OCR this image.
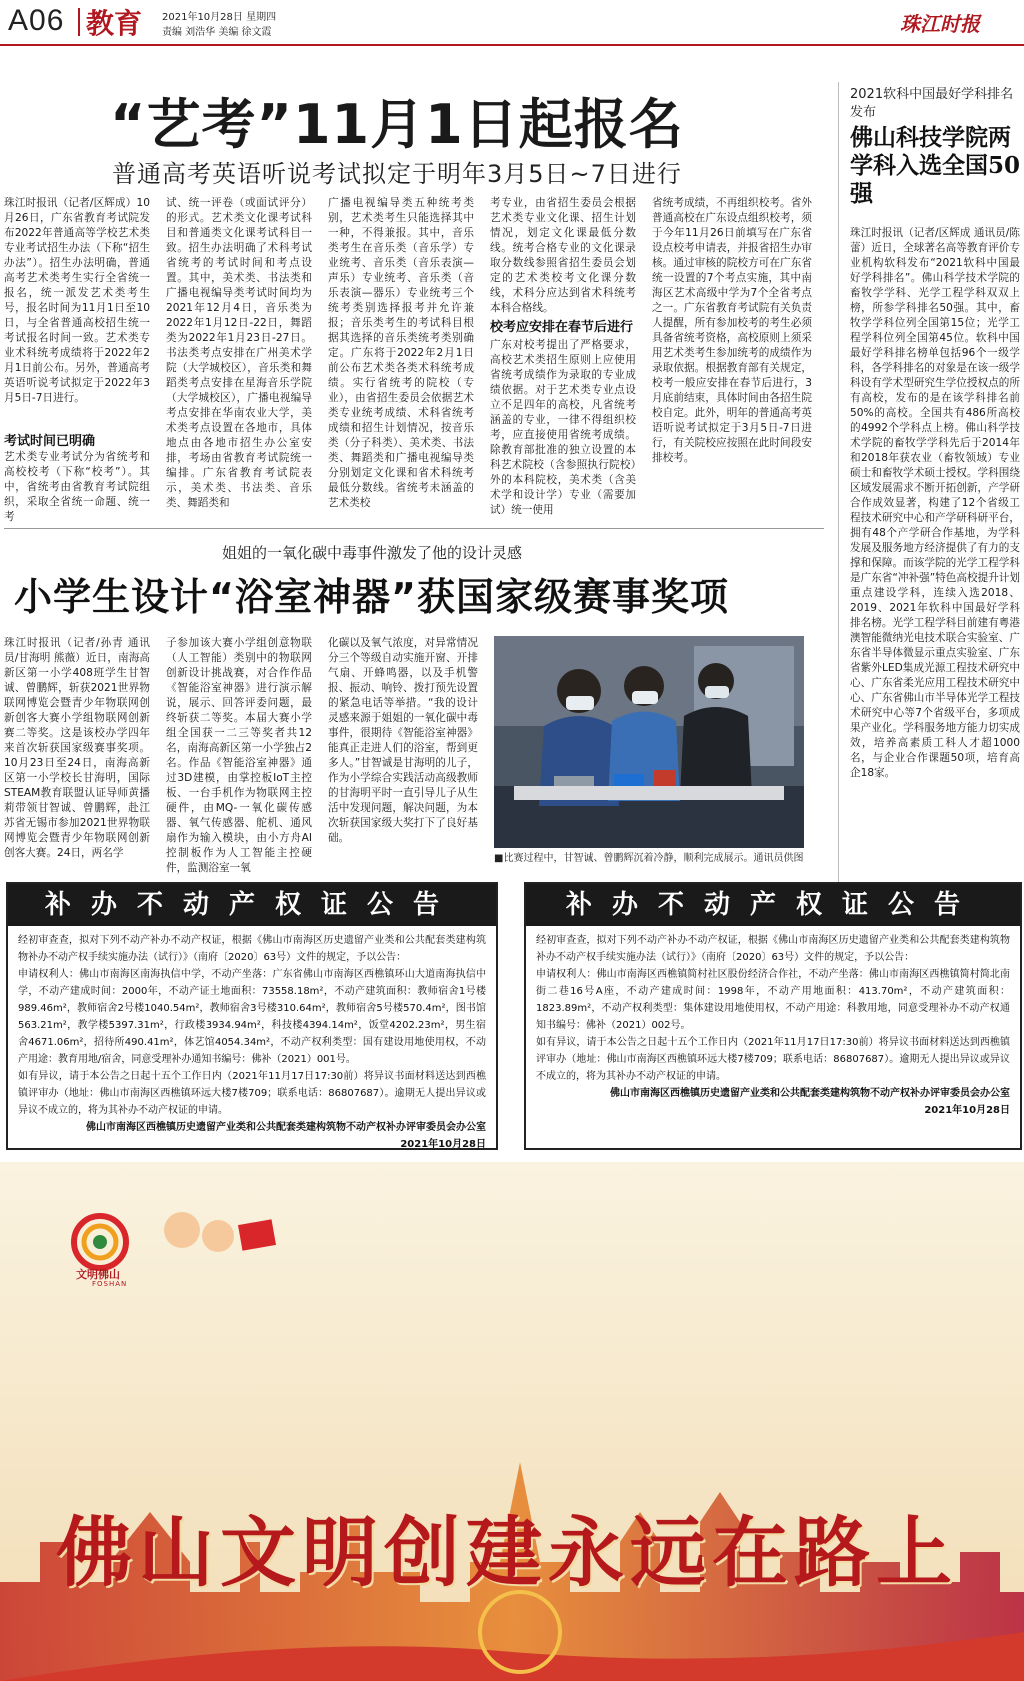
A06 教育 2021年10月28日 星期四
责编 刘浩华 美编 徐文霞	珠江时报
“艺考”11月1日起报名
普通高考英语听说考试拟定于明年3月5日~7日进行
珠江时报讯（记者/区辉成）10月26日，广东省教育考试院发布2022年普通高等学校艺术类专业考试招生办法（下称“招生办法”）。招生办法明确，普通高考艺术类考生实行全省统一报名，统一派发艺术类考生号，报名时间为11月1日至10日，与全省普通高校招生统一考试报名时间一致。艺术类专业术科统考成绩将于2022年2月1日前公布。另外，普通高考英语听说考试拟定于2022年3月5日-7日进行。
考试时间已明确
艺术类专业考试分为省统考和高校校考（下称“校考”）。其中，省统考由省教育考试院组织，采取全省统一命题、统一考
试、统一评卷（或面试评分）的形式。艺术类文化课考试科目和普通类文化课考试科目一致。招生办法明确了术科考试省统考的考试时间和考点设置。其中，美术类、书法类和广播电视编导类考试时间均为2021年12月4日，音乐类为2022年1月12日-22日，舞蹈类为2022年1月23日-27日。书法类考点安排在广州美术学院（大学城校区），音乐类和舞蹈类考点安排在星海音乐学院（大学城校区），广播电视编导考点安排在华南农业大学，美术类考点设置在各地市，具体地点由各地市招生办公室安排，考场由省教育考试院统一编排。广东省教育考试院表示，美术类、书法类、音乐类、舞蹈类和
广播电视编导类五种统考类别，艺术类考生只能选择其中一种，不得兼报。其中，音乐类考生在音乐类（音乐学）专业统考、音乐类（音乐表演—声乐）专业统考、音乐类（音乐表演—器乐）专业统考三个统考类别选择报考并允许兼报；音乐类考生的考试科目根据其选择的音乐类统考类别确定。广东将于2022年2月1日前公布艺术类各类术科统考成绩。实行省统考的院校（专业），由省招生委员会依据艺术类专业统考成绩、术科省统考成绩和招生计划情况，按音乐类（分子科类）、美术类、书法类、舞蹈类和广播电视编导类分别划定文化课和省术科统考最低分数线。省统考未涵盖的艺术类校
考专业，由省招生委员会根据艺术类专业文化课、招生计划情况，划定文化课最低分数线。统考合格专业的文化课录取分数线参照省招生委员会划定的艺术类校考文化课分数线，术科分应达到省术科统考本科合格线。
校考应安排在春节后进行
广东对校考提出了严格要求，高校艺术类招生原则上应使用省统考成绩作为录取的专业成绩依据。对于艺术类专业点设立不足四年的高校，凡省统考涵盖的专业，一律不得组织校考，应直接使用省统考成绩。除教育部批准的独立设置的本科艺术院校（含参照执行院校）外的本科院校，美术类（含美术学和设计学）专业（需要加试）统一使用
省统考成绩，不再组织校考。省外普通高校在广东设点组织校考，须于今年11月26日前填写在广东省设点校考申请表，并报省招生办审核。通过审核的院校方可在广东省统一设置的7个考点实施，其中南海区艺术高级中学为7个全省考点之一。广东省教育考试院有关负责人提醒，所有参加校考的考生必须具备省统考资格，高校原则上须采用艺术类考生参加统考的成绩作为录取依据。根据教育部有关规定，校考一般应安排在春节后进行，3月底前结束，具体时间由各招生院校自定。此外，明年的普通高考英语听说考试拟定于3月5日-7日进行，有关院校应按照在此时间段安排校考。
2021软科中国最好学科排名发布
佛山科技学院两学科入选全国50强
珠江时报讯（记者/区辉成 通讯员/陈蕾）近日，全球著名高等教育评价专业机构软科发布“2021软科中国最好学科排名”。佛山科学技术学院的畜牧学学科、光学工程学科双双上榜，所参学科排名50强。其中，畜牧学学科位列全国第15位；光学工程学科位列全国第45位。软科中国最好学科排名榜单包括96个一级学科，各学科排名的对象是在该一级学科设有学术型研究生学位授权点的所有高校，发布的是在该学科排名前50%的高校。全国共有486所高校的4992个学科点上榜。佛山科学技术学院的畜牧学学科先后于2014年和2018年获农业（畜牧领域）专业硕士和畜牧学术硕士授权。学科围绕区域发展需求不断开拓创新，产学研合作成效显著，构建了12个省级工程技术研究中心和产学研科研平台，拥有48个产学研合作基地，为学科发展及服务地方经济提供了有力的支撑和保障。而该学院的光学工程学科是广东省“冲补强”特色高校提升计划重点建设学科，连续入选2018、2019、2021年软科中国最好学科排名榜。光学工程学科目前建有粤港澳智能微纳光电技术联合实验室、广东省半导体微显示重点实验室、广东省紫外LED集成光源工程技术研究中心、广东省柔光应用工程技术研究中心、广东省佛山市半导体光学工程技术研究中心等7个省级平台，多项成果产业化。学科服务地方能力切实成效，培养高素质工科人才超1000名，与企业合作课题50项，培育高企18家。
姐姐的一氧化碳中毒事件激发了他的设计灵感
小学生设计“浴室神器”获国家级赛事奖项
珠江时报讯（记者/孙青 通讯员/甘海明 熊薇）近日，南海高新区第一小学408班学生甘智诚、曾鹏辉，斩获2021世界物联网博览会暨青少年物联网创新创客大赛小学组物联网创新赛二等奖。这是该校办学四年来首次斩获国家级赛事奖项。10月23日至24日，南海高新区第一小学校长甘海明，国际STEAM教育联盟认证导师黄播莉带领甘智诚、曾鹏辉，赴江苏省无锡市参加2021世界物联网博览会暨青少年物联网创新创客大赛。24日，两名学
子参加该大赛小学组创意物联（人工智能）类别中的物联网创新设计挑战赛，对合作作品《智能浴室神器》进行演示解说，展示、回答评委问题，最终斩获二等奖。本届大赛小学组全国获一二三等奖者共12名，南海高新区第一小学独占2名。作品《智能浴室神器》通过3D建模，由掌控板IoT主控板、一台手机作为物联网主控硬件，由MQ-一氧化碳传感器、氧气传感器、舵机、通风扇作为输入模块，由小方舟AI控制板作为人工智能主控硬件，监测浴室一氧
化碳以及氧气浓度，对异常情况分三个等级自动实施开窗、开排气扇、开蜂鸣器，以及手机警报、振动、响铃、拨打预先设置的紧急电话等举措。“我的设计灵感来源于姐姐的一氧化碳中毒事件，很期待《智能浴室神器》能真正走进人们的浴室，帮到更多人。”甘智诚是甘海明的儿子，作为小学综合实践活动高级教师的甘海明平时一直引导儿子从生活中发现问题，解决问题，为本次斩获国家级大奖打下了良好基础。
■比赛过程中，甘智诚、曾鹏辉沉着冷静，顺利完成展示。通讯员供图
补办不动产权证公告
经初审查查，拟对下列不动产补办不动产权证，根据《佛山市南海区历史遗留产业类和公共配套类建构筑物补办不动产权手续实施办法（试行）》（南府〔2020〕63号）文件的规定，予以公告：
申请权利人：佛山市南海区南海执信中学，不动产坐落：广东省佛山市南海区西樵镇环山大道南海执信中学，不动产建成时间：2000年，不动产证土地面积：73558.18m²，不动产建筑面积：教师宿舍1号楼989.46m²，教师宿舍2号楼1040.54m²，教师宿舍3号楼310.64m²，教师宿舍5号楼570.4m²，图书馆563.21m²，教学楼5397.31m²，行政楼3934.94m²，科技楼4394.14m²，饭堂4202.23m²，男生宿舍4671.06m²，招待所490.41m²，体艺馆4054.34m²，不动产权利类型：国有建设用地使用权，不动产用途：教育用地/宿舍，同意受理补办通知书编号：佛补（2021）001号。
如有异议，请于本公告之日起十五个工作日内（2021年11月17日17:30前）将异议书面材料送达到西樵镇评审办（地址：佛山市南海区西樵镇环远大楼7楼709；联系电话：86807687）。逾期无人提出异议或异议不成立的，将为其补办不动产权证的申请。
佛山市南海区西樵镇历史遗留产业类和公共配套类建构筑物不动产权补办评审委员会办公室
2021年10月28日
补办不动产权证公告
经初审查查，拟对下列不动产补办不动产权证，根据《佛山市南海区历史遗留产业类和公共配套类建构筑物补办不动产权手续实施办法（试行）》（南府〔2020〕63号）文件的规定，予以公告：
申请权利人：佛山市南海区西樵镇简村社区股份经济合作社，不动产坐落：佛山市南海区西樵镇简村简北南街二巷16号A座，不动产建成时间：1998年，不动产用地面积：413.70m²，不动产建筑面积：1823.89m²，不动产权利类型：集体建设用地使用权，不动产用途：科教用地，同意受理补办不动产权通知书编号：佛补（2021）002号。
如有异议，请于本公告之日起十五个工作日内（2021年11月17日17:30前）将异议书面材料送达到西樵镇评审办（地址：佛山市南海区西樵镇环远大楼7楼709；联系电话：86807687）。逾期无人提出异议或异议不成立的，将为其补办不动产权证的申请。
佛山市南海区西樵镇历史遗留产业类和公共配套类建构筑物不动产权补办评审委员会办公室
2021年10月28日
文明佛山
FOSHAN
佛山文明创建永远在路上
